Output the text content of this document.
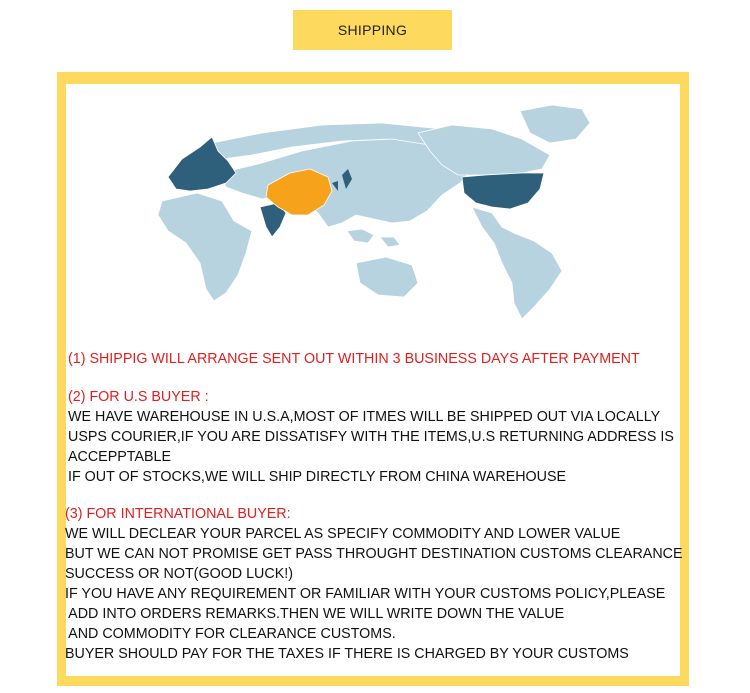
SHIPPING
(1) SHIPPIG WILL ARRANGE SENT OUT WITHIN 3 BUSINESS DAYS AFTER PAYMENT
(2) FOR U.S BUYER :
WE HAVE WAREHOUSE IN U.S.A,MOST OF ITMES WILL BE SHIPPED OUT VIA LOCALLY
USPS COURIER,IF YOU ARE DISSATISFY WITH THE ITEMS,U.S RETURNING ADDRESS IS
ACCEPPTABLE
IF OUT OF STOCKS,WE WILL SHIP DIRECTLY FROM CHINA WAREHOUSE
(3) FOR INTERNATIONAL BUYER:
WE WILL DECLEAR YOUR PARCEL AS SPECIFY COMMODITY AND LOWER VALUE
BUT WE CAN NOT PROMISE GET PASS THROUGHT DESTINATION CUSTOMS CLEARANCE
SUCCESS OR NOT(GOOD LUCK!)
IF YOU HAVE ANY REQUIREMENT OR FAMILIAR WITH YOUR CUSTOMS POLICY,PLEASE
ADD INTO ORDERS REMARKS.THEN WE WILL WRITE DOWN THE VALUE
AND COMMODITY FOR CLEARANCE CUSTOMS.
BUYER SHOULD PAY FOR THE TAXES IF THERE IS CHARGED BY YOUR CUSTOMS
